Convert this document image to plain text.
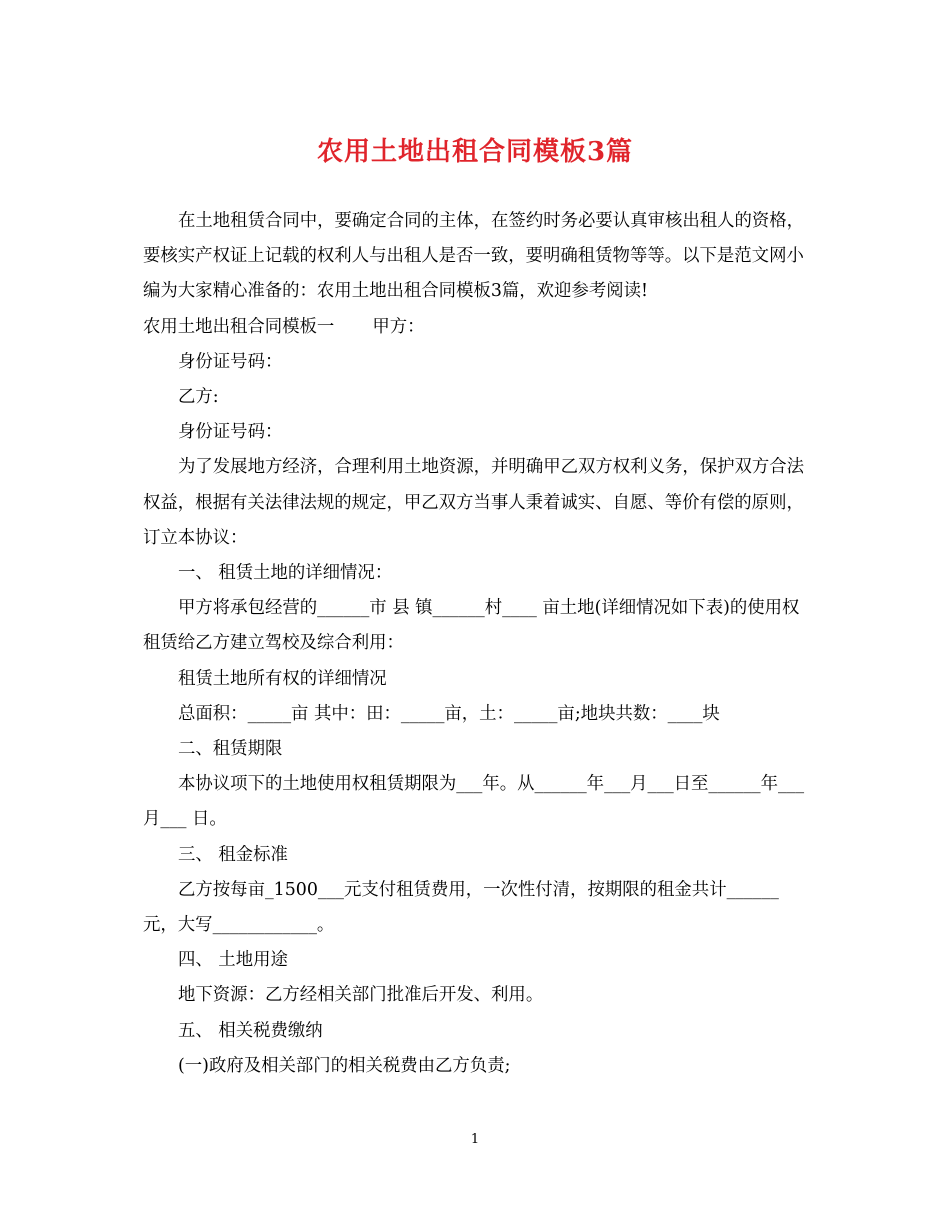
农用土地出租合同模板3篇

在土地租赁合同中，要确定合同的主体，在签约时务必要认真审核出租人的资格，要核实产权证上记载的权利人与出租人是否一致，要明确租赁物等等。以下是范文网小编为大家精心准备的：农用土地出租合同模板3篇，欢迎参考阅读!

农用土地出租合同模板一 甲方：

身份证号码：

乙方:

身份证号码：

为了发展地方经济，合理利用土地资源，并明确甲乙双方权利义务，保护双方合法权益，根据有关法律法规的规定，甲乙双方当事人秉着诚实、自愿、等价有偿的原则，订立本协议：

一、 租赁土地的详细情况：

甲方将承包经营的______市 县 镇______村____ 亩土地(详细情况如下表)的使用权租赁给乙方建立驾校及综合利用：

租赁土地所有权的详细情况

总面积：_____亩 其中：田：_____亩，土：_____亩;地块共数：____块

二、租赁期限

本协议项下的土地使用权租赁期限为___年。从______年___月___日至______年___月___ 日。

三、 租金标准

乙方按每亩_1500___元支付租赁费用，一次性付清，按期限的租金共计______元，大写____________。

四、 土地用途

地下资源：乙方经相关部门批准后开发、利用。

五、 相关税费缴纳

(一)政府及相关部门的相关税费由乙方负责;

1
